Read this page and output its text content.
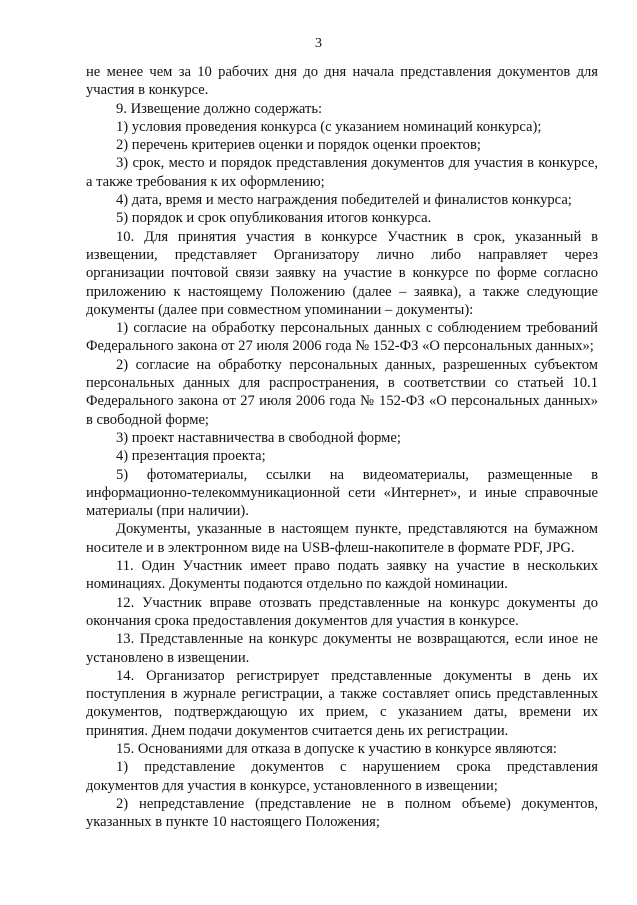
3

не менее чем за 10 рабочих дня до дня начала представления документов для участия в конкурсе.

9. Извещение должно содержать:

1) условия проведения конкурса (с указанием номинаций конкурса);

2) перечень критериев оценки и порядок оценки проектов;

3) срок, место и порядок представления документов для участия в конкурсе, а также требования к их оформлению;

4) дата, время и место награждения победителей и финалистов конкурса;

5) порядок и срок опубликования итогов конкурса.

10. Для принятия участия в конкурсе Участник в срок, указанный в извещении, представляет Организатору лично либо направляет через организации почтовой связи заявку на участие в конкурсе по форме согласно приложению к настоящему Положению (далее – заявка), а также следующие документы (далее при совместном упоминании – документы):

1) согласие на обработку персональных данных с соблюдением требований Федерального закона от 27 июля 2006 года № 152-ФЗ «О персональных данных»;

2) согласие на обработку персональных данных, разрешенных субъектом персональных данных для распространения, в соответствии со статьей 10.1 Федерального закона от 27 июля 2006 года № 152-ФЗ «О персональных данных» в свободной форме;

3) проект наставничества в свободной форме;

4) презентация проекта;

5) фотоматериалы, ссылки на видеоматериалы, размещенные в информационно-телекоммуникационной сети «Интернет», и иные справочные материалы (при наличии).

Документы, указанные в настоящем пункте, представляются на бумажном носителе и в электронном виде на USB-флеш-накопителе в формате PDF, JPG.

11. Один Участник имеет право подать заявку на участие в нескольких номинациях. Документы подаются отдельно по каждой номинации.

12. Участник вправе отозвать представленные на конкурс документы до окончания срока предоставления документов для участия в конкурсе.

13. Представленные на конкурс документы не возвращаются, если иное не установлено в извещении.

14. Организатор регистрирует представленные документы в день их поступления в журнале регистрации, а также составляет опись представленных документов, подтверждающую их прием, с указанием даты, времени их принятия. Днем подачи документов считается день их регистрации.

15. Основаниями для отказа в допуске к участию в конкурсе являются:

1) представление документов с нарушением срока представления документов для участия в конкурсе, установленного в извещении;

2) непредставление (представление не в полном объеме) документов, указанных в пункте 10 настоящего Положения;
